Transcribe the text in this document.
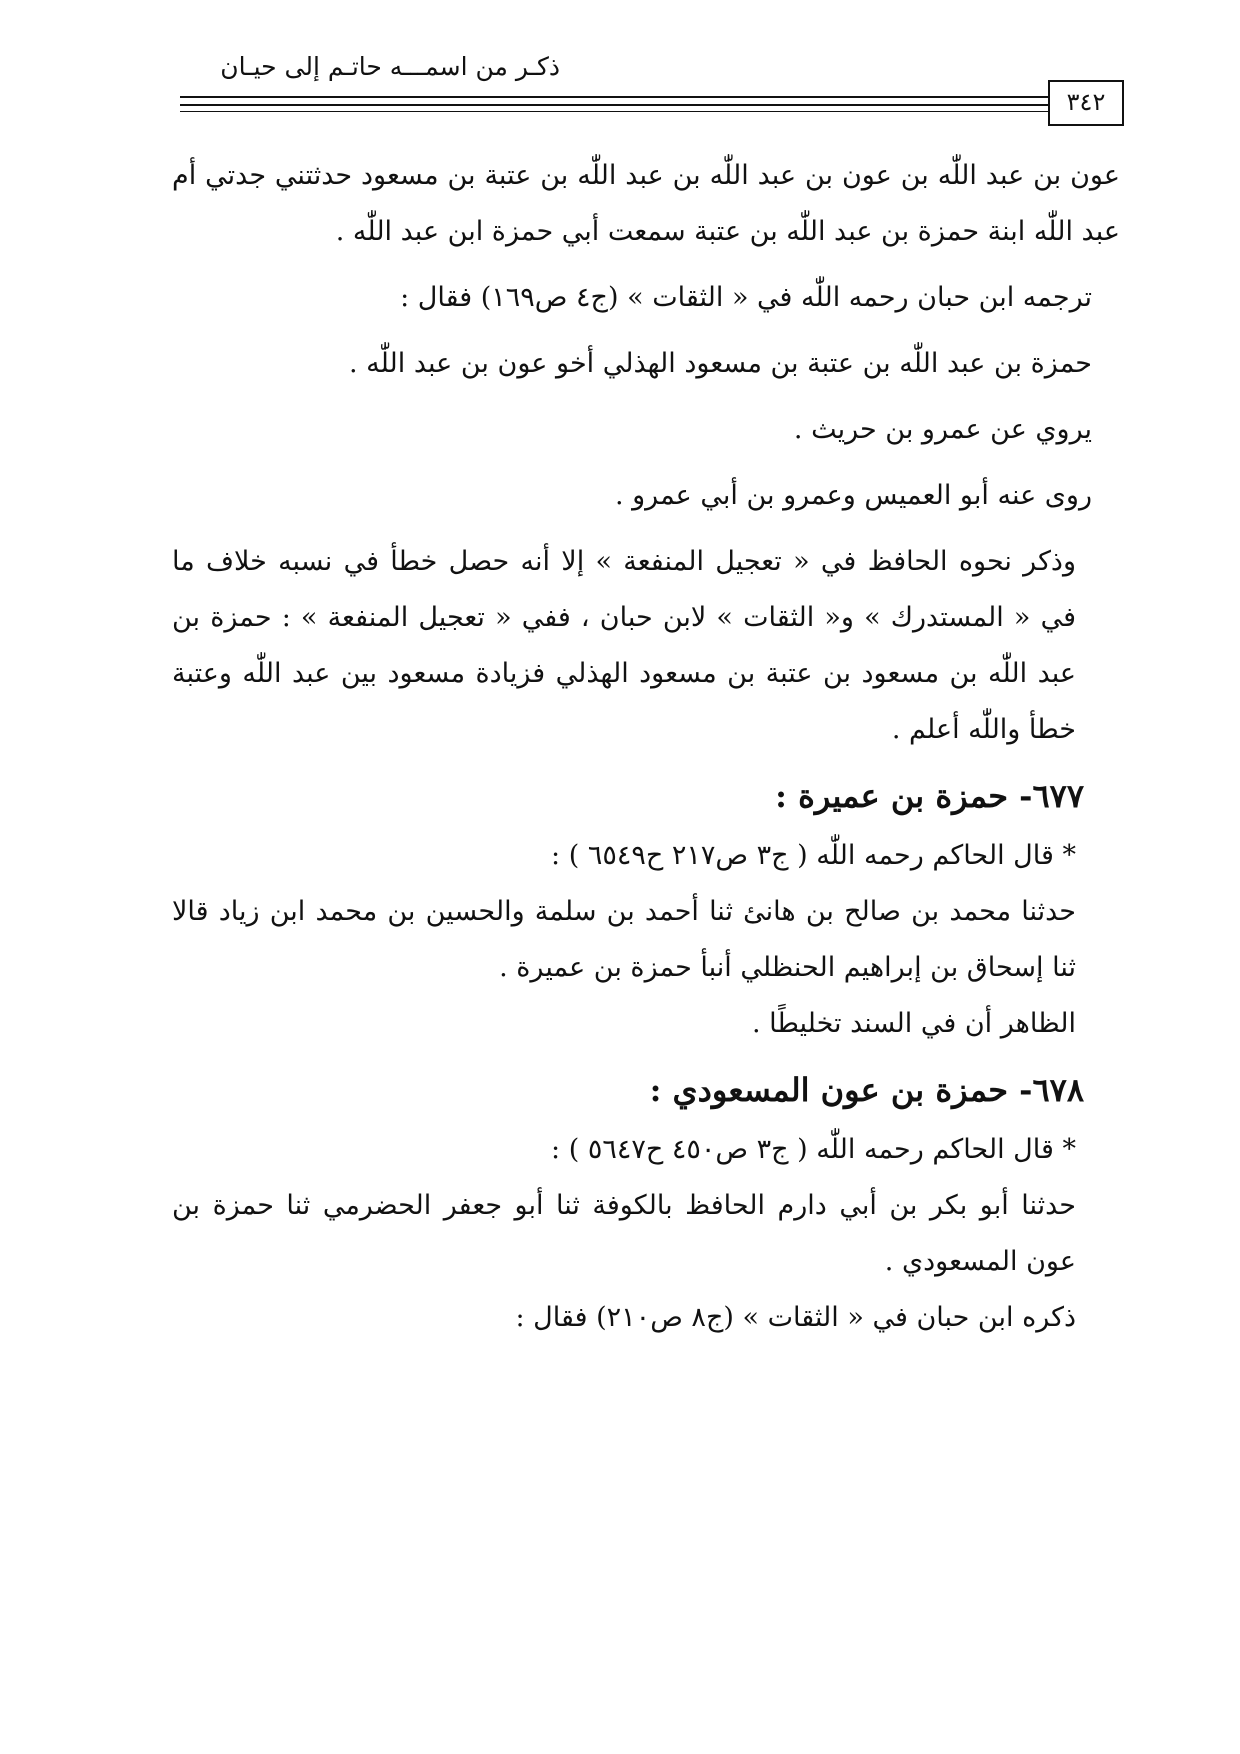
ذكـر من اسمـــه حاتـم إلى حيـان
٣٤٢

عون بن عبد اللّٰه بن عون بن عبد اللّٰه بن عبد اللّٰه بن عتبة بن مسعود حدثتني جدتي أم عبد اللّٰه ابنة حمزة بن عبد اللّٰه بن عتبة سمعت أبي حمزة ابن عبد اللّٰه .

ترجمه ابن حبان رحمه اللّٰه في « الثقات » (ج٤ ص١٦٩) فقال :

حمزة بن عبد اللّٰه بن عتبة بن مسعود الهذلي أخو عون بن عبد اللّٰه .

يروي عن عمرو بن حريث .

روى عنه أبو العميس وعمرو بن أبي عمرو .

وذكر نحوه الحافظ في « تعجيل المنفعة » إلا أنه حصل خطأ في نسبه خلاف ما في « المستدرك » و« الثقات » لابن حبان ، ففي « تعجيل المنفعة » : حمزة بن عبد اللّٰه بن مسعود بن عتبة بن مسعود الهذلي فزيادة مسعود بين عبد اللّٰه وعتبة خطأ واللّٰه أعلم .

٦٧٧- حمزة بن عميرة :

* قال الحاكم رحمه اللّٰه ( ج٣ ص٢١٧ ح٦٥٤٩ ) :

حدثنا محمد بن صالح بن هانئ ثنا أحمد بن سلمة والحسين بن محمد ابن زياد قالا ثنا إسحاق بن إبراهيم الحنظلي أنبأ حمزة بن عميرة .

الظاهر أن في السند تخليطًا .

٦٧٨- حمزة بن عون المسعودي :

* قال الحاكم رحمه اللّٰه ( ج٣ ص٤٥٠ ح٥٦٤٧ ) :

حدثنا أبو بكر بن أبي دارم الحافظ بالكوفة ثنا أبو جعفر الحضرمي ثنا حمزة بن عون المسعودي .

ذكره ابن حبان في « الثقات » (ج٨ ص٢١٠) فقال :
